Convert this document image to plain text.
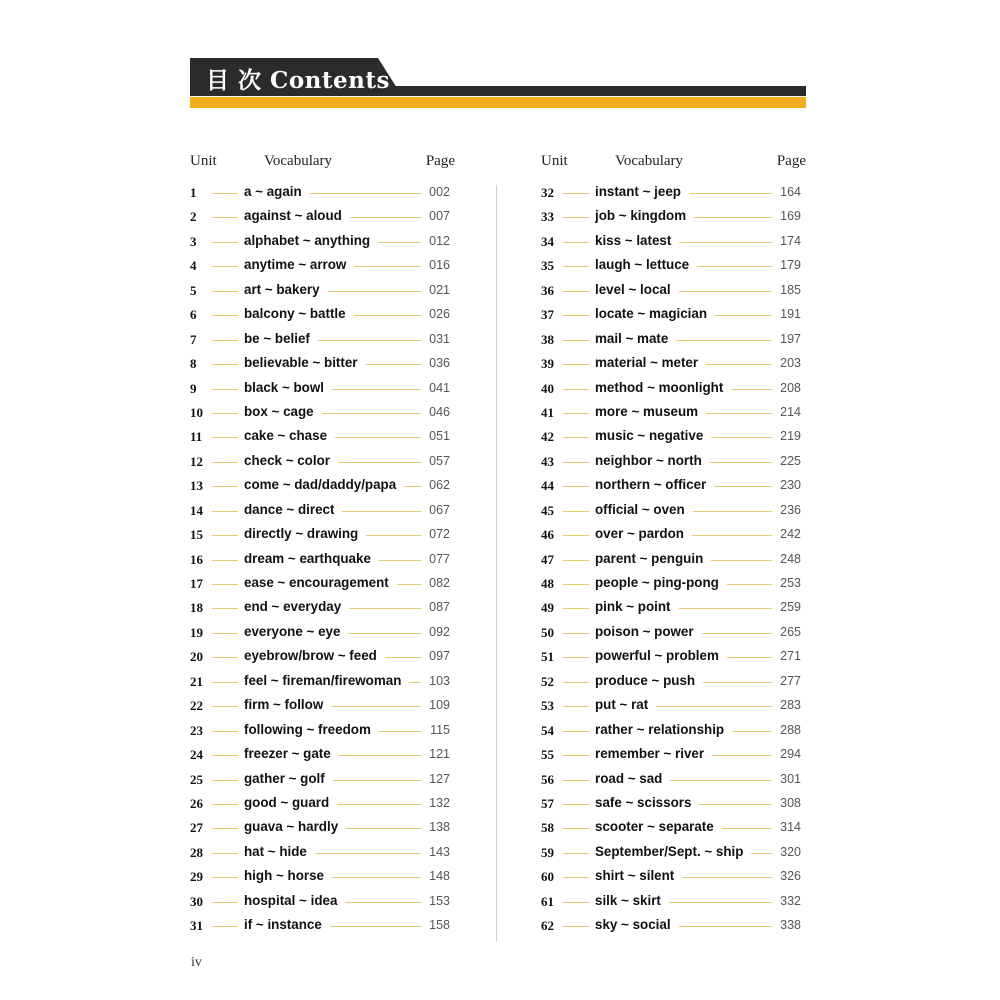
目 次 Contents
Unit	Vocabulary	Page
1	a ~ again	002
2	against ~ aloud	007
3	alphabet ~ anything	012
4	anytime ~ arrow	016
5	art ~ bakery	021
6	balcony ~ battle	026
7	be ~ belief	031
8	believable ~ bitter	036
9	black ~ bowl	041
10	box ~ cage	046
11	cake ~ chase	051
12	check ~ color	057
13	come ~ dad/daddy/papa	062
14	dance ~ direct	067
15	directly ~ drawing	072
16	dream ~ earthquake	077
17	ease ~ encouragement	082
18	end ~ everyday	087
19	everyone ~ eye	092
20	eyebrow/brow ~ feed	097
21	feel ~ fireman/firewoman	103
22	firm ~ follow	109
23	following ~ freedom	115
24	freezer ~ gate	121
25	gather ~ golf	127
26	good ~ guard	132
27	guava ~ hardly	138
28	hat ~ hide	143
29	high ~ horse	148
30	hospital ~ idea	153
31	if ~ instance	158
Unit	Vocabulary	Page
32	instant ~ jeep	164
33	job ~ kingdom	169
34	kiss ~ latest	174
35	laugh ~ lettuce	179
36	level ~ local	185
37	locate ~ magician	191
38	mail ~ mate	197
39	material ~ meter	203
40	method ~ moonlight	208
41	more ~ museum	214
42	music ~ negative	219
43	neighbor ~ north	225
44	northern ~ officer	230
45	official ~ oven	236
46	over ~ pardon	242
47	parent ~ penguin	248
48	people ~ ping-pong	253
49	pink ~ point	259
50	poison ~ power	265
51	powerful ~ problem	271
52	produce ~ push	277
53	put ~ rat	283
54	rather ~ relationship	288
55	remember ~ river	294
56	road ~ sad	301
57	safe ~ scissors	308
58	scooter ~ separate	314
59	September/Sept. ~ ship	320
60	shirt ~ silent	326
61	silk ~ skirt	332
62	sky ~ social	338
iv
